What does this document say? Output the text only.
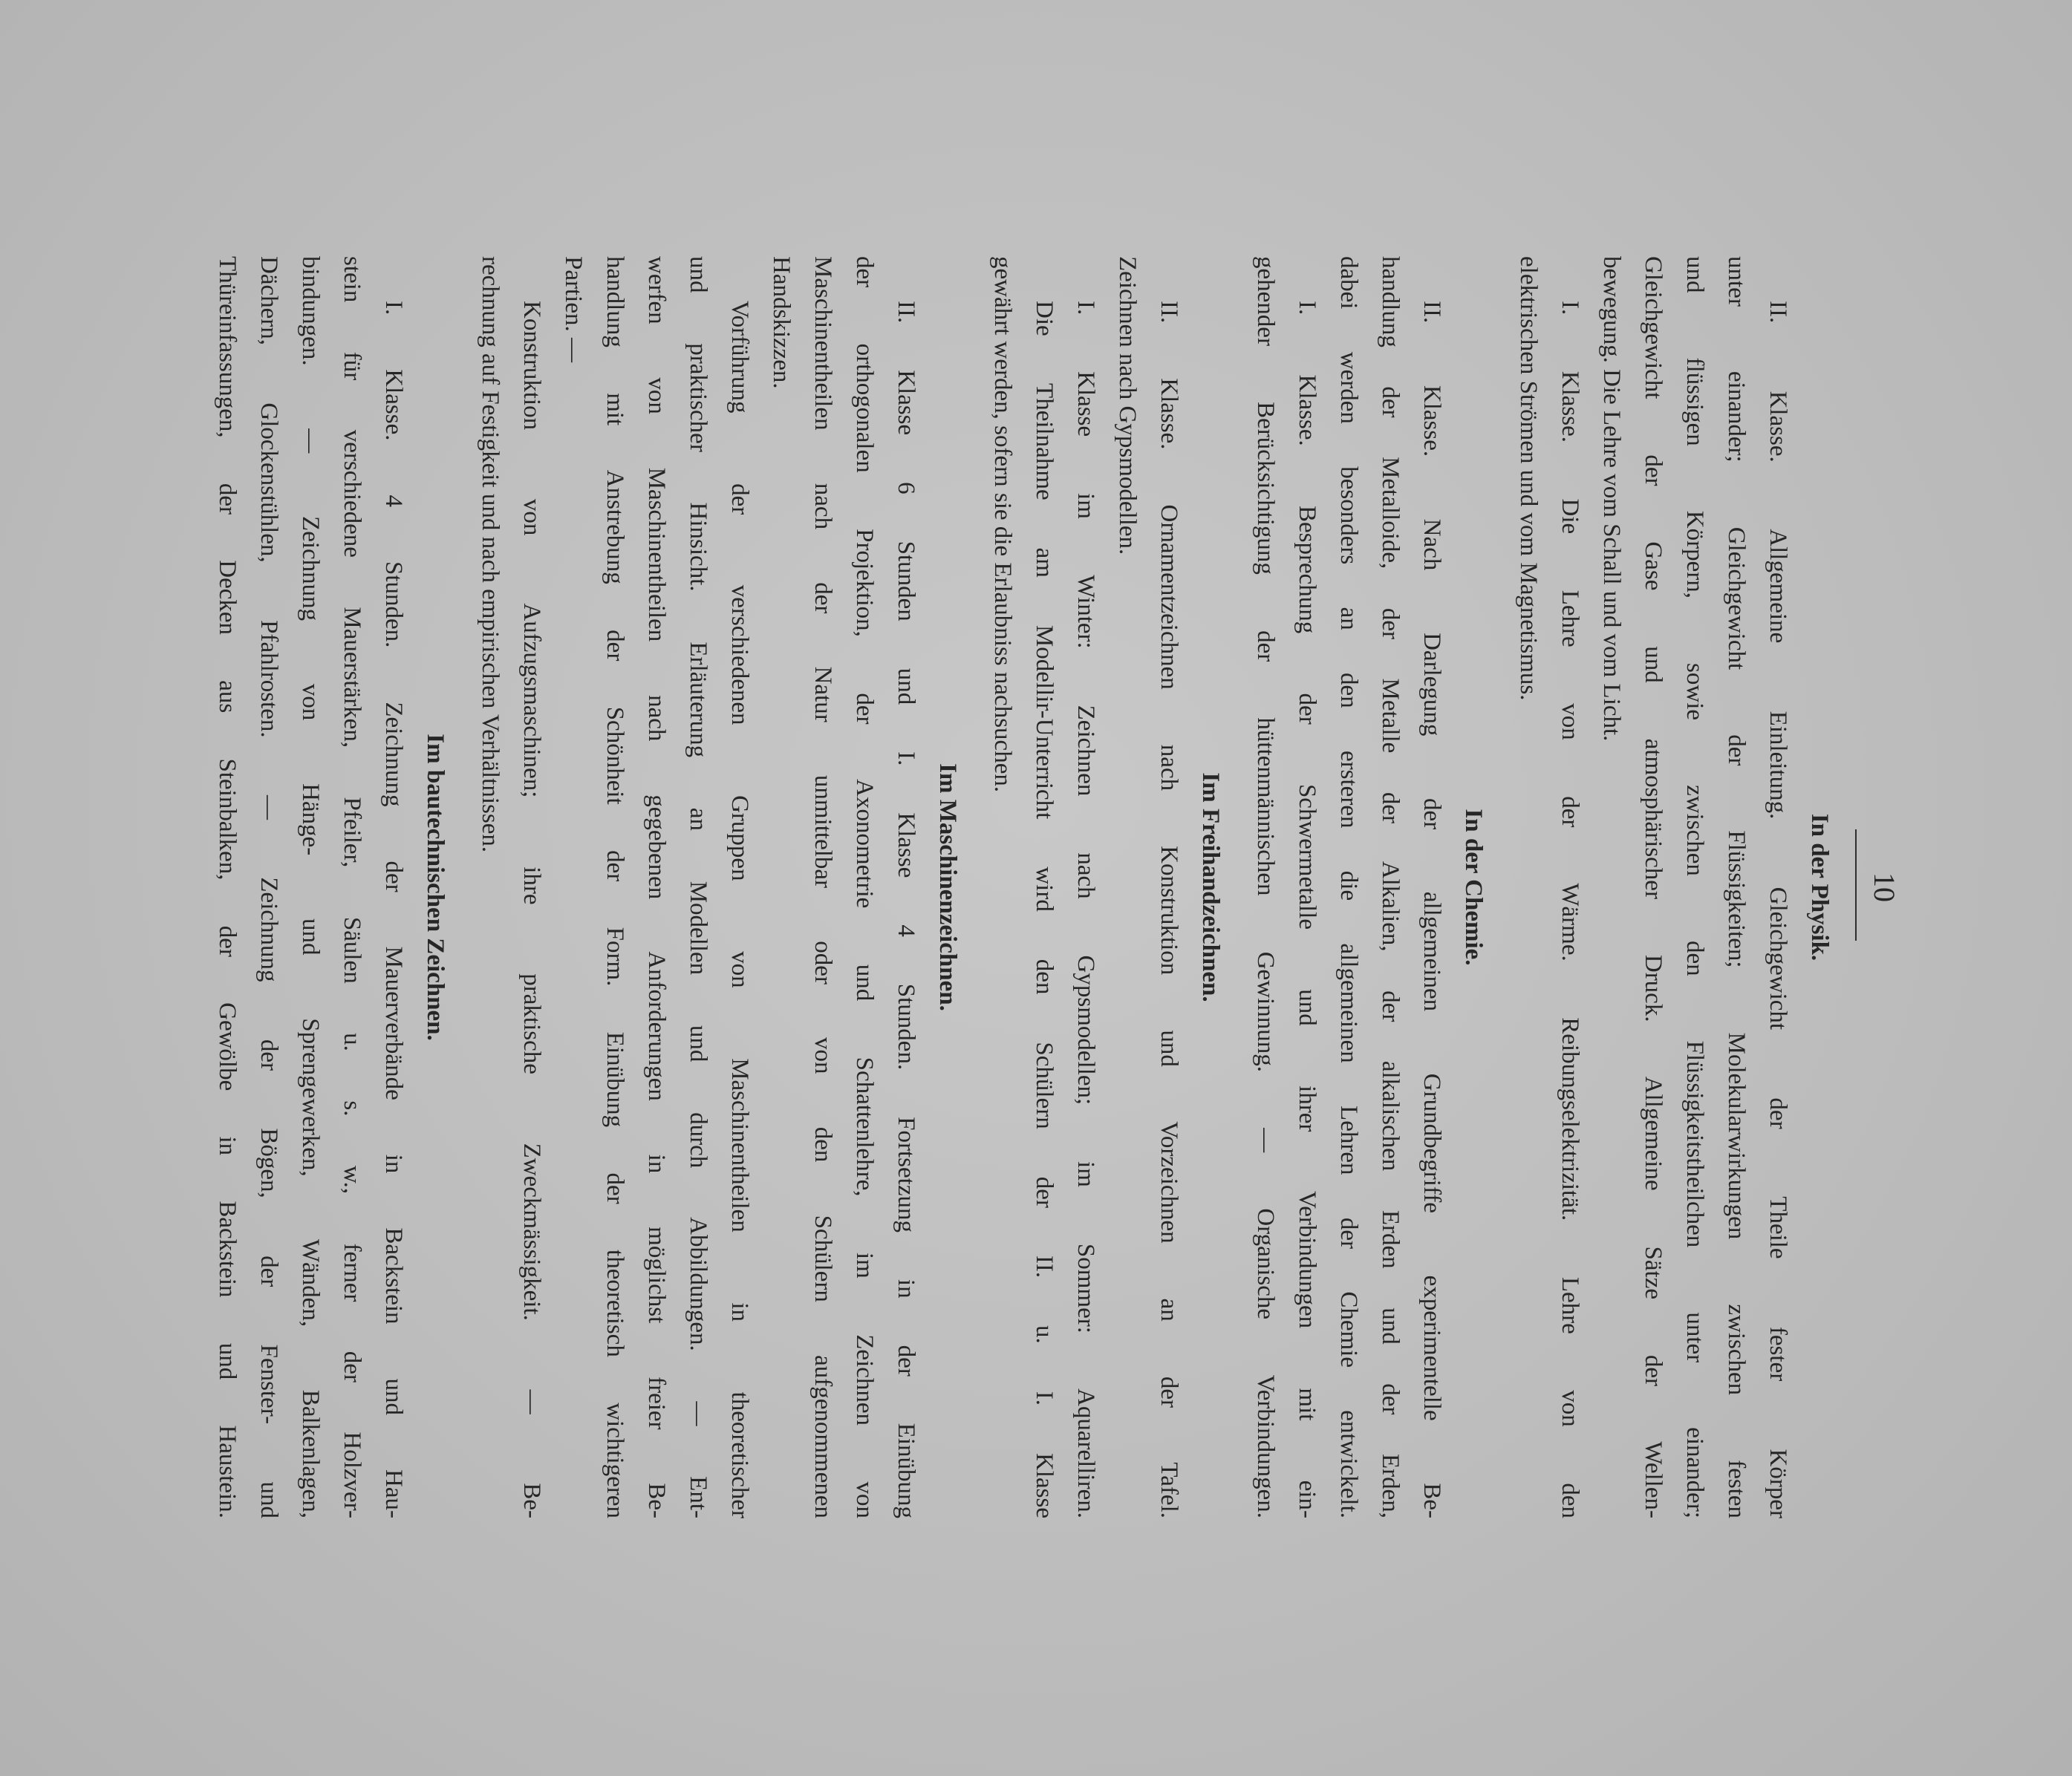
10
In der Physik.
II. Klasse. Allgemeine Einleitung. Gleichgewicht der Theile fester Körper
unter einander; Gleichgewicht der Flüssigkeiten; Molekularwirkungen zwischen festen
und flüssigen Körpern, sowie zwischen den Flüssigkeitstheilchen unter einander;
Gleichgewicht der Gase und atmosphärischer Druck. Allgemeine Sätze der Wellen-
bewegung. Die Lehre vom Schall und vom Licht.
I. Klasse. Die Lehre von der Wärme. Reibungselektrizität. Lehre von den
elektrischen Strömen und vom Magnetismus.
In der Chemie.
II. Klasse. Nach Darlegung der allgemeinen Grundbegriffe experimentelle Be-
handlung der Metalloide, der Metalle der Alkalien, der alkalischen Erden und der Erden,
dabei werden besonders an den ersteren die allgemeinen Lehren der Chemie entwickelt.
I. Klasse. Besprechung der Schwermetalle und ihrer Verbindungen mit ein-
gehender Berücksichtigung der hüttenmännischen Gewinnung. — Organische Verbindungen.
Im Freihandzeichnen.
II. Klasse. Ornamentzeichnen nach Konstruktion und Vorzeichnen an der Tafel.
Zeichnen nach Gypsmodellen.
I. Klasse im Winter: Zeichnen nach Gypsmodellen; im Sommer: Aquarelliren.
Die Theilnahme am Modellir-Unterricht wird den Schülern der II. u. I. Klasse
gewährt werden, sofern sie die Erlaubniss nachsuchen.
Im Maschinenzeichnen.
II. Klasse 6 Stunden und I. Klasse 4 Stunden. Fortsetzung in der Einübung
der orthogonalen Projektion, der Axonometrie und Schattenlehre, im Zeichnen von
Maschinentheilen nach der Natur unmittelbar oder von den Schülern aufgenommenen
Handskizzen.
Vorführung der verschiedenen Gruppen von Maschinentheilen in theoretischer
und praktischer Hinsicht. Erläuterung an Modellen und durch Abbildungen. — Ent-
werfen von Maschinentheilen nach gegebenen Anforderungen in möglichst freier Be-
handlung mit Anstrebung der Schönheit der Form. Einübung der theoretisch wichtigeren
Partien. —
Konstruktion von Aufzugsmaschinen; ihre praktische Zweckmässigkeit. — Be-
rechnung auf Festigkeit und nach empirischen Verhältnissen.
Im bautechnischen Zeichnen.
I. Klasse. 4 Stunden. Zeichnung der Mauerverbände in Backstein und Hau-
stein für verschiedene Mauerstärken, Pfeiler, Säulen u. s. w., ferner der Holzver-
bindungen. — Zeichnung von Hänge- und Sprengewerken, Wänden, Balkenlagen,
Dächern, Glockenstühlen, Pfahlrosten. — Zeichnung der Bögen, der Fenster- und
Thüreinfassungen, der Decken aus Steinbalken, der Gewölbe in Backstein und Haustein.
